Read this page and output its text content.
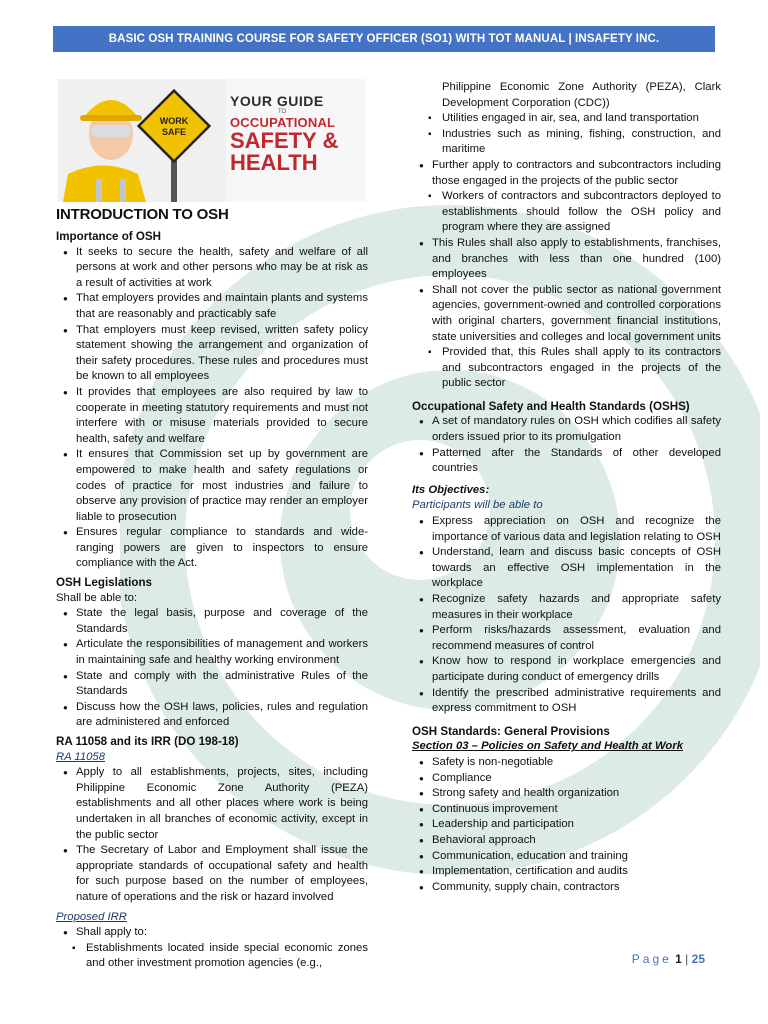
BASIC OSH TRAINING COURSE FOR SAFETY OFFICER (SO1) WITH TOT MANUAL | INSAFETY INC.
WORK
SAFE
YOUR GUIDE
TO
OCCUPATIONAL
SAFETY &
HEALTH
INTRODUCTION TO OSH
Importance of OSH
● It seeks to secure the health, safety and welfare of all persons at work and other persons who may be at risk as a result of activities at work
● That employers provides and maintain plants and systems that are reasonably and practicably safe
● That employers must keep revised, written safety policy statement showing the arrangement and organization of their safety procedures. These rules and procedures must be known to all employees
● It provides that employees are also required by law to cooperate in meeting statutory requirements and must not interfere with or misuse materials provided to secure health, safety and welfare
● It ensures that Commission set up by government are empowered to make health and safety regulations or codes of practice for most industries and failure to observe any provision of practice may render an employer liable to prosecution
● Ensures regular compliance to standards and wide-ranging powers are given to inspectors to ensure compliance with the Act.
OSH Legislations
Shall be able to:
● State the legal basis, purpose and coverage of the Standards
● Articulate the responsibilities of management and workers in maintaining safe and healthy working environment
● State and comply with the administrative Rules of the Standards
● Discuss how the OSH laws, policies, rules and regulation are administered and enforced
RA 11058 and its IRR (DO 198-18)
RA 11058
● Apply to all establishments, projects, sites, including Philippine Economic Zone Authority (PEZA) establishments and all other places where work is being undertaken in all branches of economic activity, except in the public sector
● The Secretary of Labor and Employment shall issue the appropriate standards of occupational safety and health for such purpose based on the number of employees, nature of operations and the risk or hazard involved
Proposed IRR
● Shall apply to:
▪ Establishments located inside special economic zones and other investment promotion agencies (e.g.,
Philippine Economic Zone Authority (PEZA), Clark Development Corporation (CDC))
▪ Utilities engaged in air, sea, and land transportation
▪ Industries such as mining, fishing, construction, and maritime
● Further apply to contractors and subcontractors including those engaged in the projects of the public sector
▪ Workers of contractors and subcontractors deployed to establishments should follow the OSH policy and program where they are assigned
● This Rules shall also apply to establishments, franchises, and branches with less than one hundred (100) employees
● Shall not cover the public sector as national government agencies, government-owned and controlled corporations with original charters, government financial institutions, state universities and colleges and local government units
▪ Provided that, this Rules shall apply to its contractors and subcontractors engaged in the projects of the public sector
Occupational Safety and Health Standards (OSHS)
● A set of mandatory rules on OSH which codifies all safety orders issued prior to its promulgation
● Patterned after the Standards of other developed countries
Its Objectives:
Participants will be able to
● Express appreciation on OSH and recognize the importance of various data and legislation relating to OSH
● Understand, learn and discuss basic concepts of OSH towards an effective OSH implementation in the workplace
● Recognize safety hazards and appropriate safety measures in their workplace
● Perform risks/hazards assessment, evaluation and recommend measures of control
● Know how to respond in workplace emergencies and participate during conduct of emergency drills
● Identify the prescribed administrative requirements and express commitment to OSH
OSH Standards: General Provisions
Section 03 – Policies on Safety and Health at Work
● Safety is non-negotiable
● Compliance
● Strong safety and health organization
● Continuous improvement
● Leadership and participation
● Behavioral approach
● Communication, education and training
● Implementation, certification and audits
● Community, supply chain, contractors
Page 1 | 25
